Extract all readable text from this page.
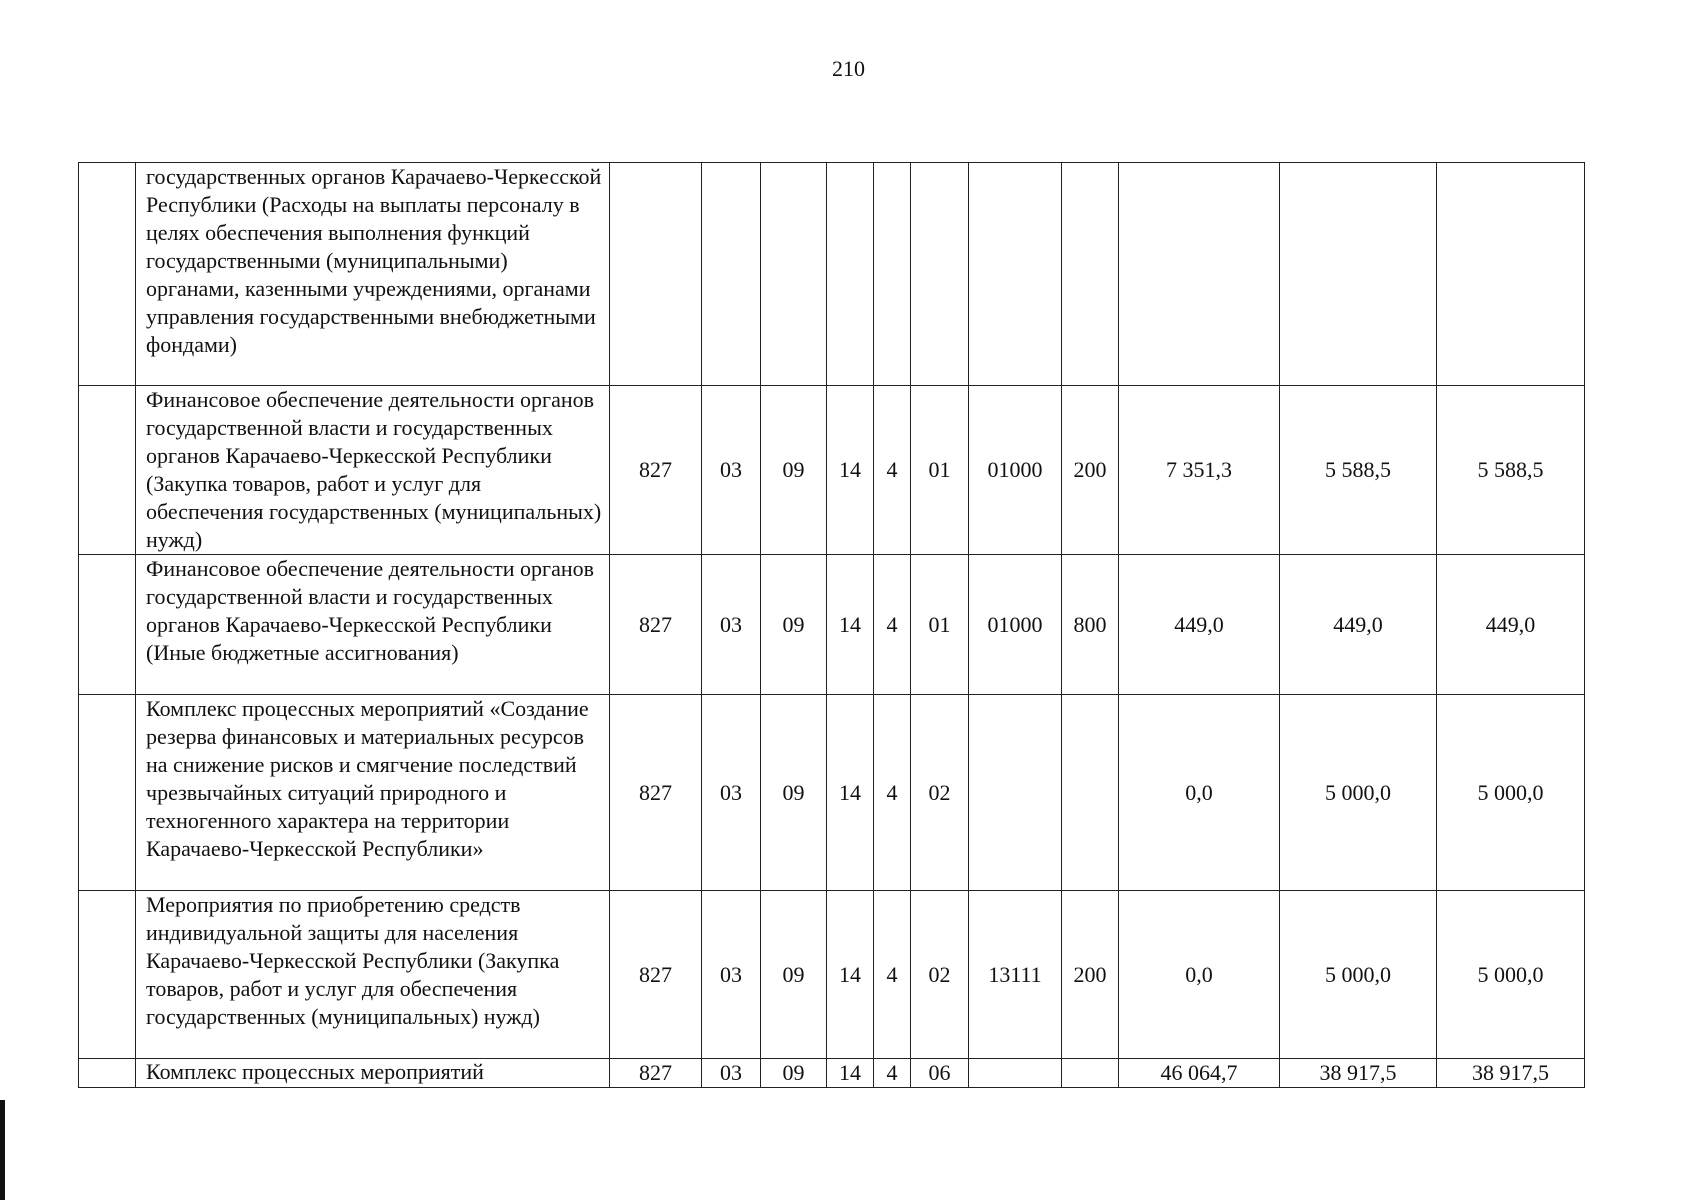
210
	государственных органов Карачаево-Черкесской Республики (Расходы на выплаты персоналу в целях обеспечения выполнения функций государственными (муниципальными) органами, казенными учреждениями, органами управления государственными внебюджетными фондами)											
	Финансовое обеспечение деятельности органов государственной власти и государственных органов Карачаево-Черкесской Республики (Закупка товаров, работ и услуг для обеспечения государственных (муниципальных) нужд)	827	03	09	14	4	01	01000	200	7 351,3	5 588,5	5 588,5
	Финансовое обеспечение деятельности органов государственной власти и государственных органов Карачаево-Черкесской Республики (Иные бюджетные ассигнования)	827	03	09	14	4	01	01000	800	449,0	449,0	449,0
	Комплекс процессных мероприятий «Создание резерва финансовых и материальных ресурсов на снижение рисков и смягчение последствий чрезвычайных ситуаций природного и техногенного характера на территории Карачаево-Черкесской Республики»	827	03	09	14	4	02			0,0	5 000,0	5 000,0
	Мероприятия по приобретению средств индивидуальной защиты для населения Карачаево-Черкесской Республики (Закупка товаров, работ и услуг для обеспечения государственных (муниципальных) нужд)	827	03	09	14	4	02	13111	200	0,0	5 000,0	5 000,0
	Комплекс процессных мероприятий	827	03	09	14	4	06			46 064,7	38 917,5	38 917,5
